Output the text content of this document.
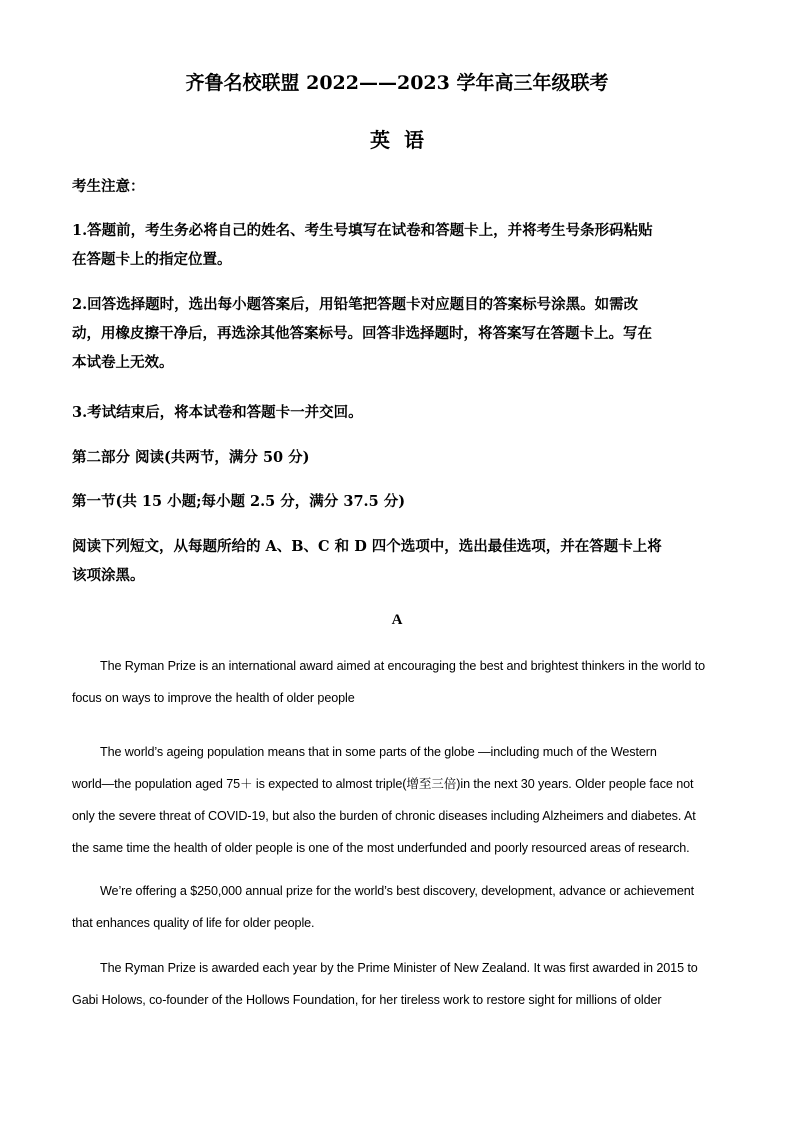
齐鲁名校联盟 2022——2023 学年高三年级联考
英语
考生注意：
1.答题前，考生务必将自己的姓名、考生号填写在试卷和答题卡上，并将考生号条形码粘贴
在答题卡上的指定位置。
2.回答选择题时，选出每小题答案后，用铅笔把答题卡对应题目的答案标号涂黑。如需改
动，用橡皮擦干净后，再选涂其他答案标号。回答非选择题时，将答案写在答题卡上。写在
本试卷上无效。
3.考试结束后，将本试卷和答题卡一并交回。
第二部分 阅读(共两节，满分 50 分)
第一节(共 15 小题;每小题 2.5 分，满分 37.5 分)
阅读下列短文，从每题所给的 A、B、C 和 D 四个选项中，选出最佳选项，并在答题卡上将
该项涂黑。
A
The Ryman Prize is an international award aimed at encouraging the best and brightest thinkers in the world to
focus on ways to improve the health of older people
The world’s ageing population means that in some parts of the globe —including much of the Western
world—the population aged 75＋ is expected to almost triple(增至三倍)in the next 30 years. Older people face not
only the severe threat of COVID-19, but also the burden of chronic diseases including Alzheimers and diabetes. At
the same time the health of older people is one of the most underfunded and poorly resourced areas of research.
We’re offering a $250,000 annual prize for the world’s best discovery, development, advance or achievement
that enhances quality of life for older people.
The Ryman Prize is awarded each year by the Prime Minister of New Zealand. It was first awarded in 2015 to
Gabi Holows, co-founder of the Hollows Foundation, for her tireless work to restore sight for millions of older
